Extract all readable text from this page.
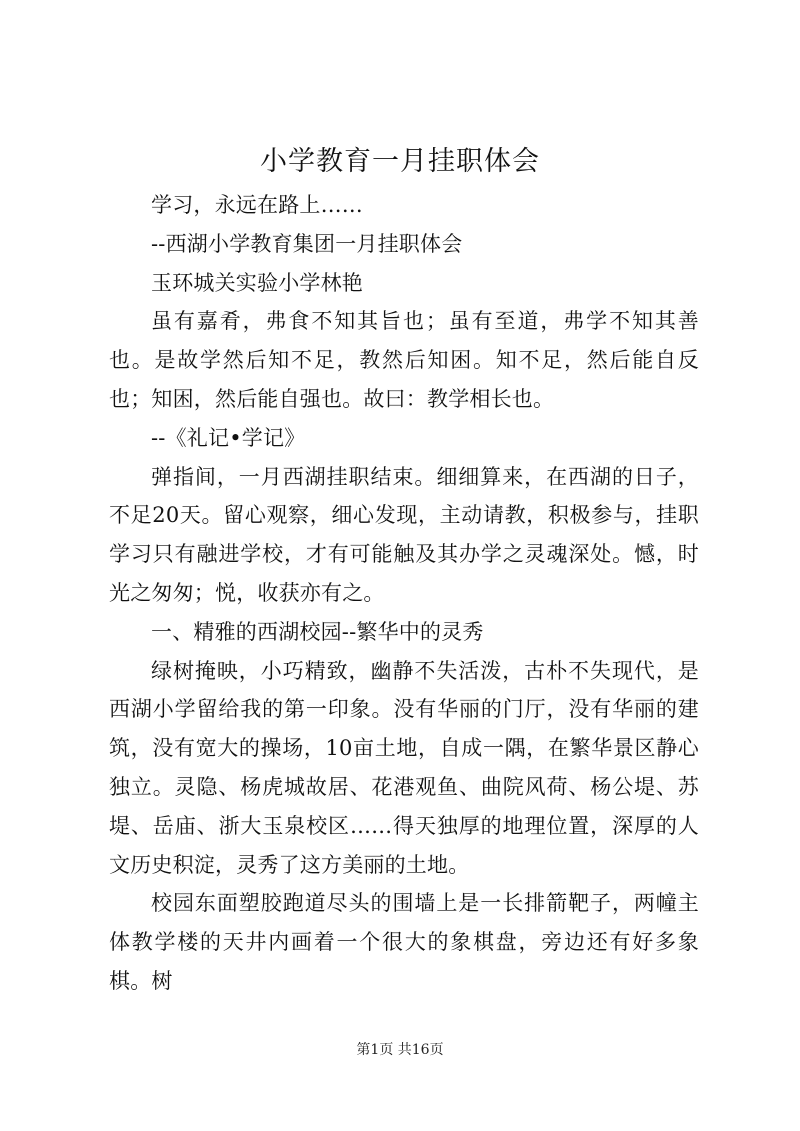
小学教育一月挂职体会

学习，永远在路上……

--西湖小学教育集团一月挂职体会

玉环城关实验小学林艳

虽有嘉肴，弗食不知其旨也；虽有至道，弗学不知其善也。是故学然后知不足，教然后知困。知不足，然后能自反也；知困，然后能自强也。故曰：教学相长也。

--《礼记•学记》

弹指间，一月西湖挂职结束。细细算来，在西湖的日子，不足20天。留心观察，细心发现，主动请教，积极参与，挂职学习只有融进学校，才有可能触及其办学之灵魂深处。憾，时光之匆匆；悦，收获亦有之。

一、精雅的西湖校园--繁华中的灵秀

绿树掩映，小巧精致，幽静不失活泼，古朴不失现代，是西湖小学留给我的第一印象。没有华丽的门厅，没有华丽的建筑，没有宽大的操场，10亩土地，自成一隅，在繁华景区静心独立。灵隐、杨虎城故居、花港观鱼、曲院风荷、杨公堤、苏堤、岳庙、浙大玉泉校区……得天独厚的地理位置，深厚的人文历史积淀，灵秀了这方美丽的土地。

校园东面塑胶跑道尽头的围墙上是一长排箭靶子，两幢主体教学楼的天井内画着一个很大的象棋盘，旁边还有好多象棋。树

第1页 共16页
